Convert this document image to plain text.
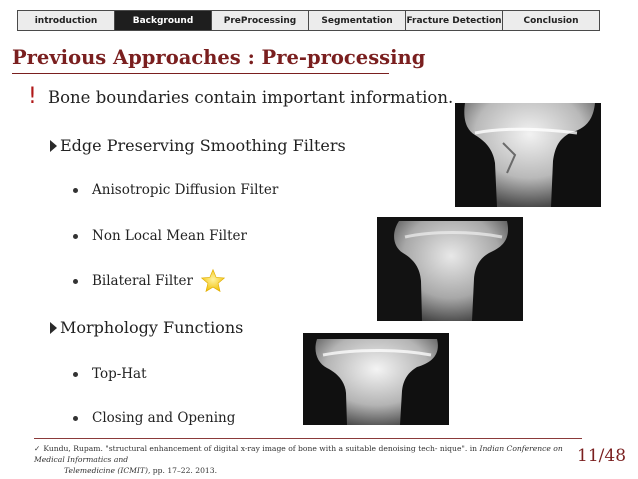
introduction	Background	PreProcessing	Segmentation	Fracture Detection	Conclusion
Previous Approaches : Pre-processing
! Bone boundaries contain important information.
Edge Preserving Smoothing Filters
Anisotropic Diffusion Filter
Non Local Mean Filter
Bilateral Filter
Morphology Functions
Top-Hat
Closing and Opening
✓ Kundu, Rupam. "structural enhancement of digital x-ray image of bone with a suitable denoising tech- nique". in Indian Conference on Medical Informatics and
Telemedicine (ICMIT), pp. 17–22. 2013.
11/48
